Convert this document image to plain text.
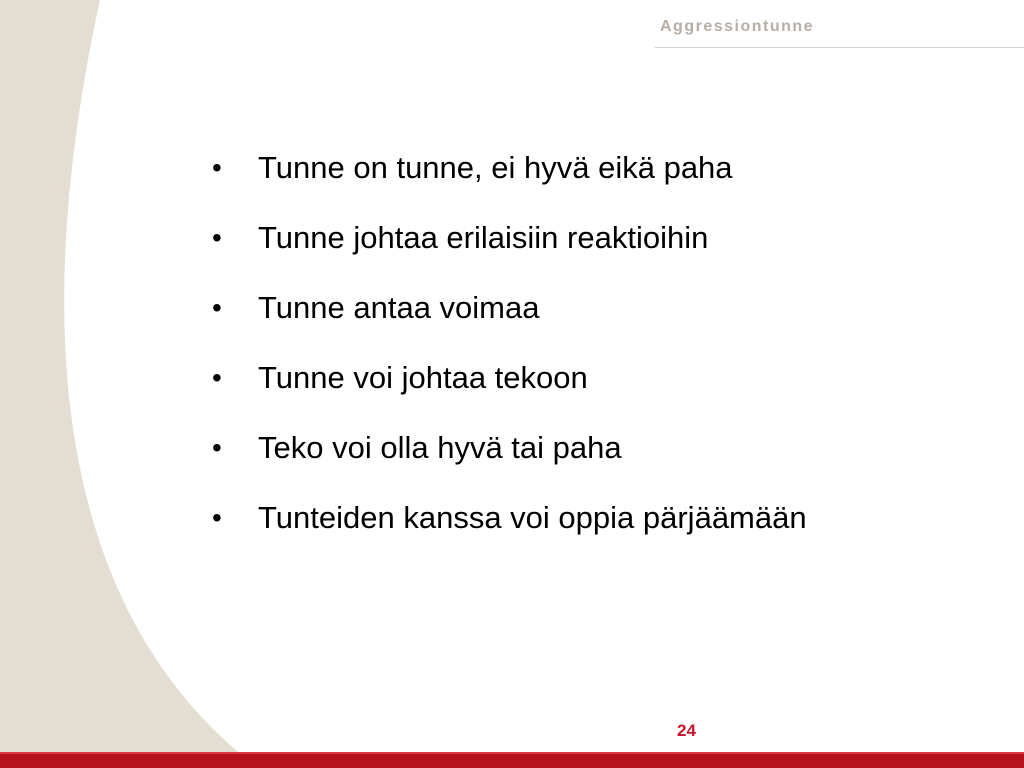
Aggressiontunne
•	Tunne on tunne, ei hyvä eikä paha
•	Tunne johtaa erilaisiin reaktioihin
•	Tunne antaa voimaa
•	Tunne voi johtaa tekoon
•	Teko voi olla hyvä tai paha
•	Tunteiden kanssa voi oppia pärjäämään
24
